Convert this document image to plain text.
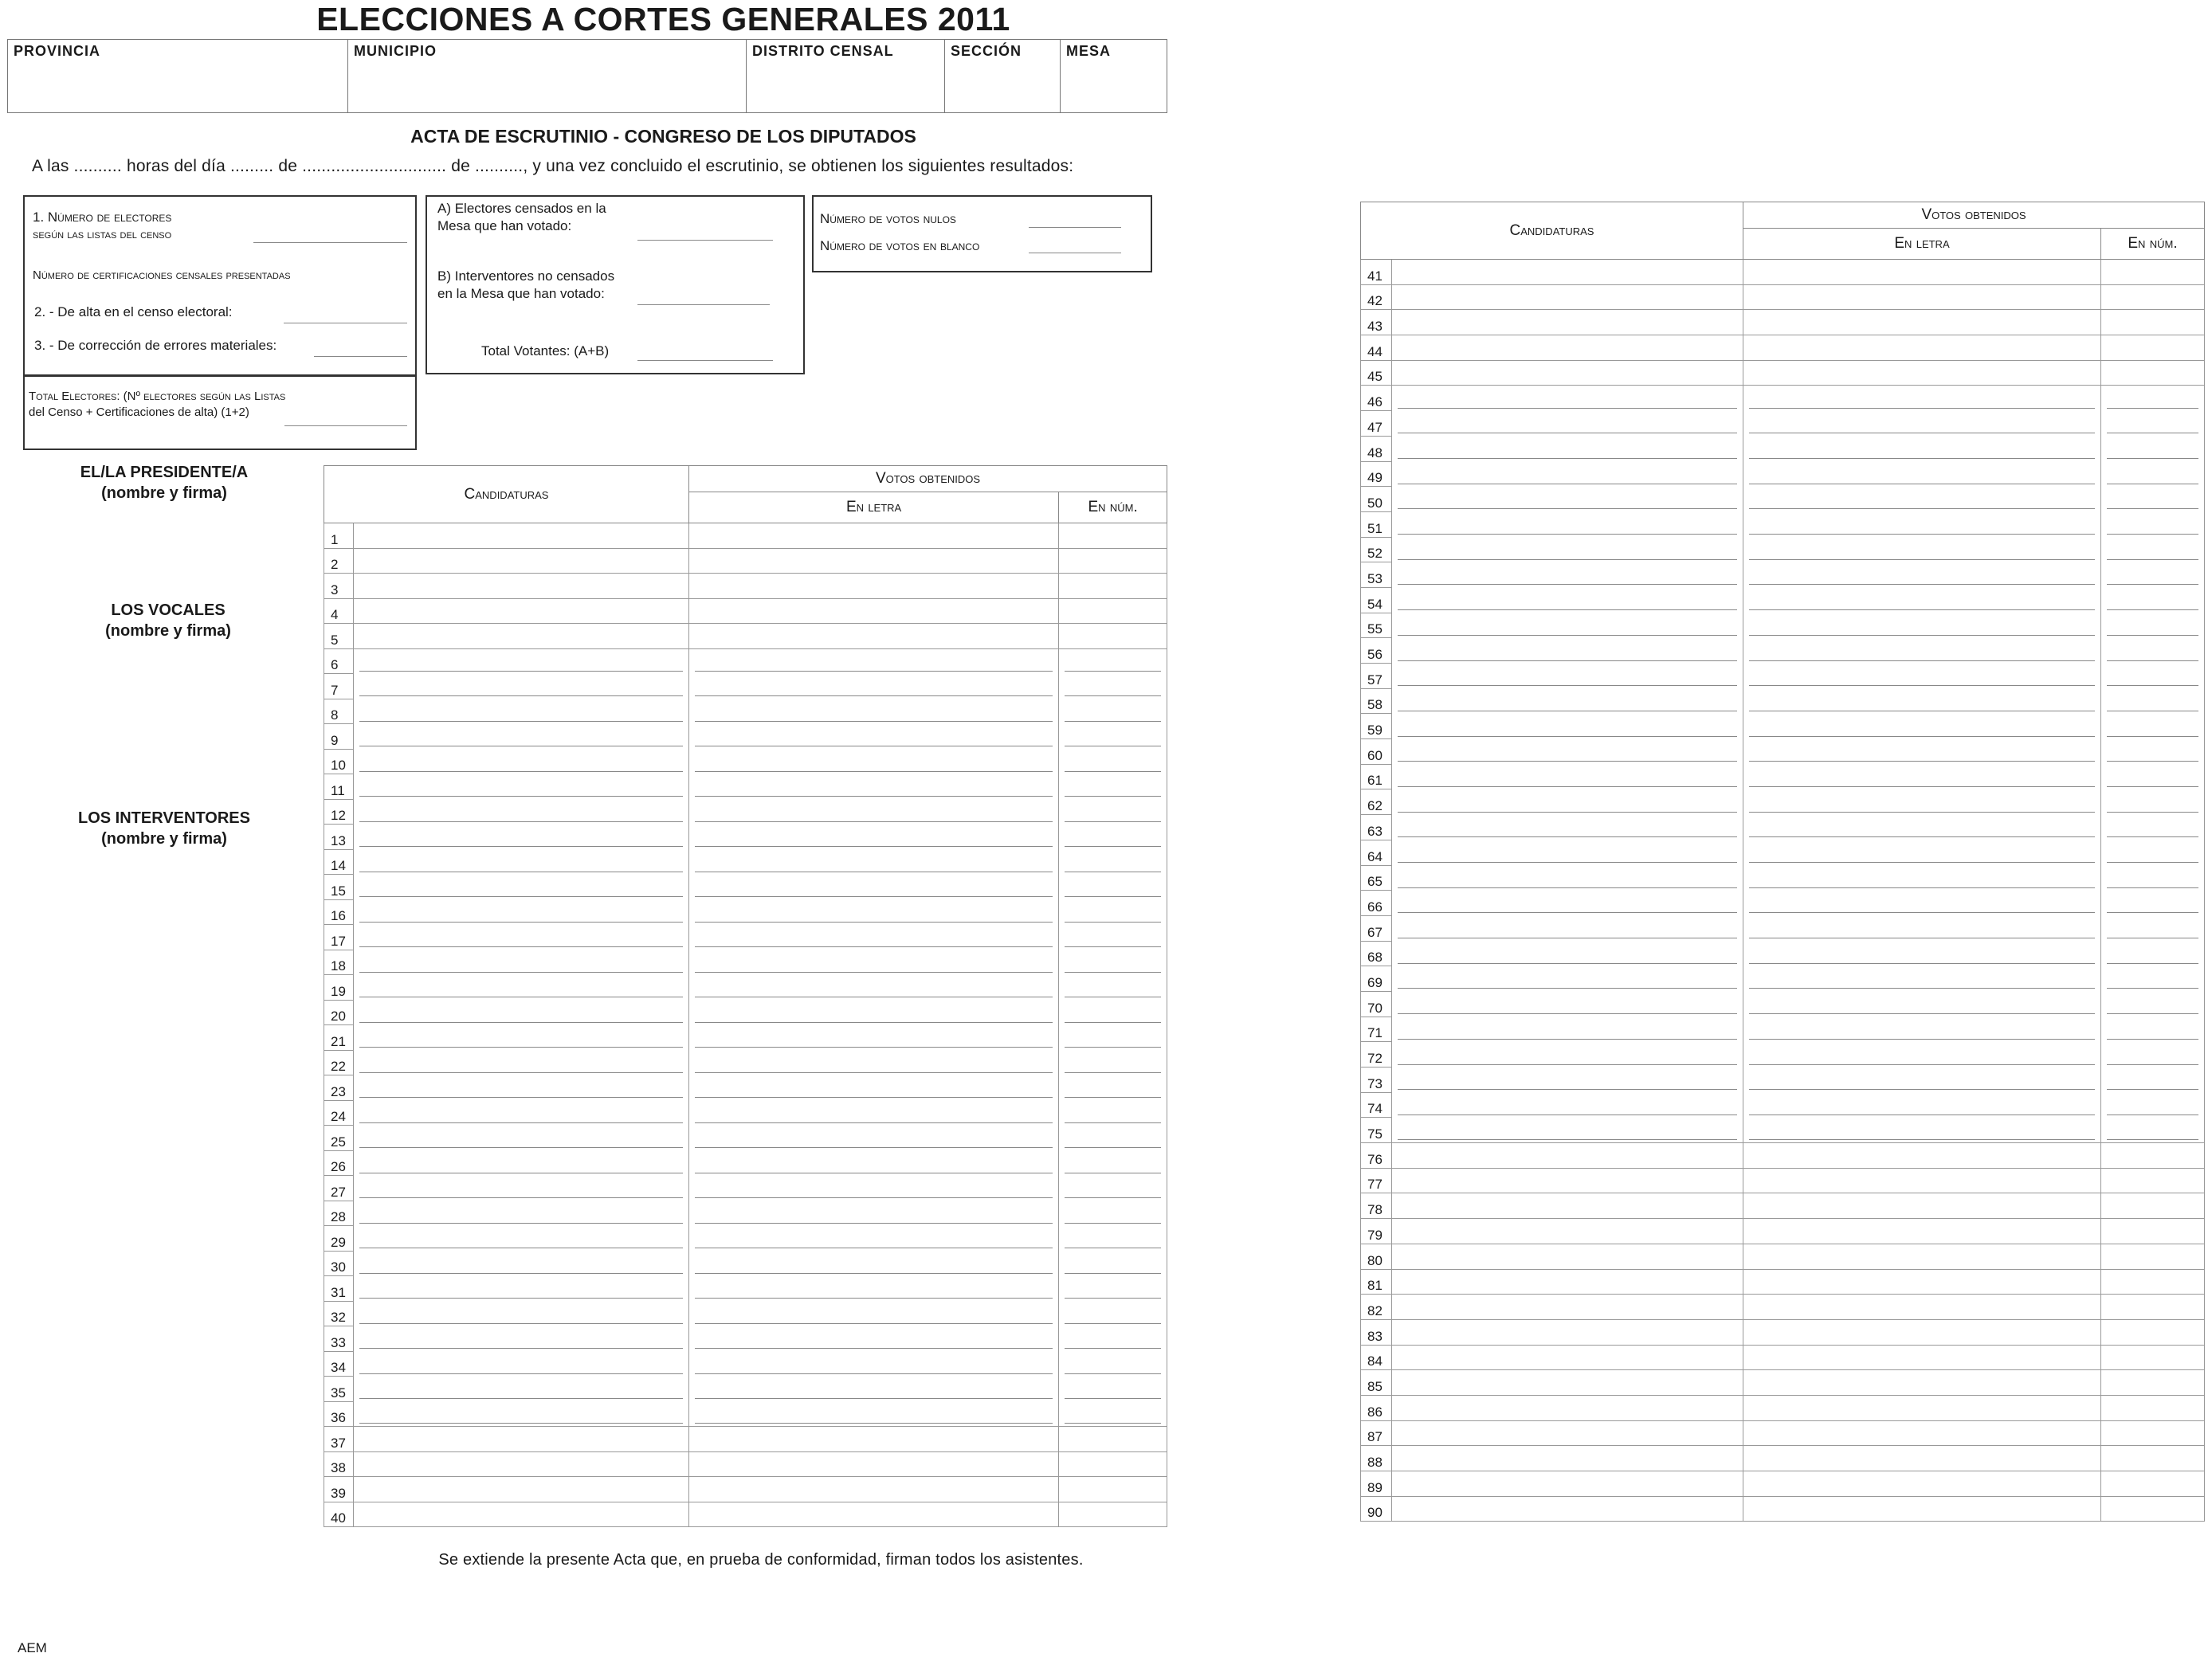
ELECCIONES A CORTES GENERALES 2011
PROVINCIA	MUNICIPIO	DISTRITO CENSAL	SECCIÓN	MESA
ACTA DE ESCRUTINIO - CONGRESO DE LOS DIPUTADOS
A las .......... horas del día ......... de .............................. de .........., y una vez concluido el escrutinio, se obtienen los siguientes resultados:
1. Número de electores
según las listas del censo
Número de certificaciones censales presentadas
2. - De alta en el censo electoral:
3. - De corrección de errores materiales:
Total Electores: (Nº electores según las Listas
del Censo + Certificaciones de alta) (1+2)
A) Electores censados en la
Mesa que han votado:
B) Interventores no censados
en la Mesa que han votado:
Total Votantes: (A+B)
Número de votos nulos
Número de votos en blanco
EL/LA PRESIDENTE/A
(nombre y firma)
LOS VOCALES
(nombre y firma)
LOS INTERVENTORES
(nombre y firma)
Candidaturas		Votos obtenidos	
		En letra	En núm.
1			
2			
3			
4			
5			
6	

7	

8	

9	

10	

11	

12	

13	

14	

15	

16	

17	

18	

19	

20	

21	

22	

23	

24	

25	

26	

27	

28	

29	

30	

31	

32	

33	

34	

35	

36	

37			
38			
39			
40			
Candidaturas		Votos obtenidos	
		En letra	En núm.
41			
42			
43			
44			
45			
46	

47	

48	

49	

50	

51	

52	

53	

54	

55	

56	

57	

58	

59	

60	

61	

62	

63	

64	

65	

66	

67	

68	

69	

70	

71	

72	

73	

74	

75	

76			
77			
78			
79			
80			
81			
82			
83			
84			
85			
86			
87			
88			
89			
90			
Se extiende la presente Acta que, en prueba de conformidad, firman todos los asistentes.
AEM
